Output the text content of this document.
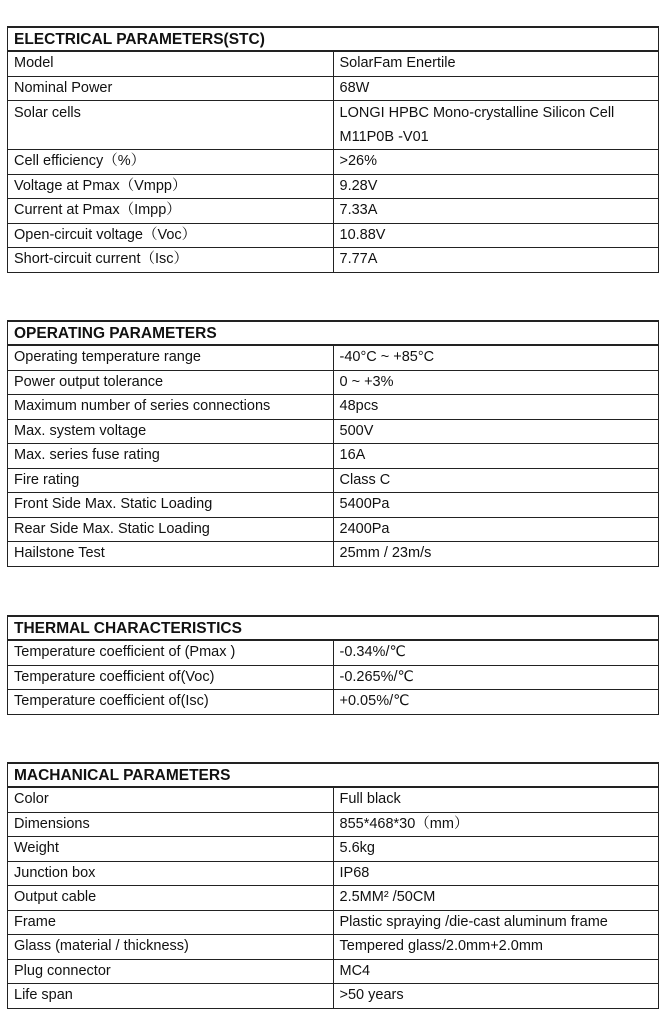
ELECTRICAL PARAMETERS(STC)	
Model	SolarFam Enertile
Nominal Power	68W
Solar cells	LONGI HPBC Mono-crystalline Silicon Cell M11P0B -V01
Cell efficiency（%）	>26%
Voltage at Pmax（Vmpp）	9.28V
Current at Pmax（Impp）	7.33A
Open-circuit voltage（Voc）	10.88V
Short-circuit current（Isc）	7.77A
OPERATING PARAMETERS	
Operating temperature range	-40°C ~ +85°C
Power output tolerance	0 ~ +3%
Maximum number of series connections	48pcs
Max. system voltage	500V
Max. series fuse rating	16A
Fire rating	Class C
Front Side Max. Static Loading	5400Pa
Rear Side Max. Static Loading	2400Pa
Hailstone Test	25mm / 23m/s
THERMAL CHARACTERISTICS	
Temperature coefficient of (Pmax )	-0.34%/℃
Temperature coefficient of(Voc)	-0.265%/℃
Temperature coefficient of(Isc)	+0.05%/℃
MACHANICAL PARAMETERS	
Color	Full black
Dimensions	855*468*30（mm）
Weight	5.6kg
Junction box	IP68
Output cable	2.5MM² /50CM
Frame	Plastic spraying /die-cast aluminum frame
Glass (material / thickness)	Tempered glass/2.0mm+2.0mm
Plug connector	MC4
Life span	>50 years
